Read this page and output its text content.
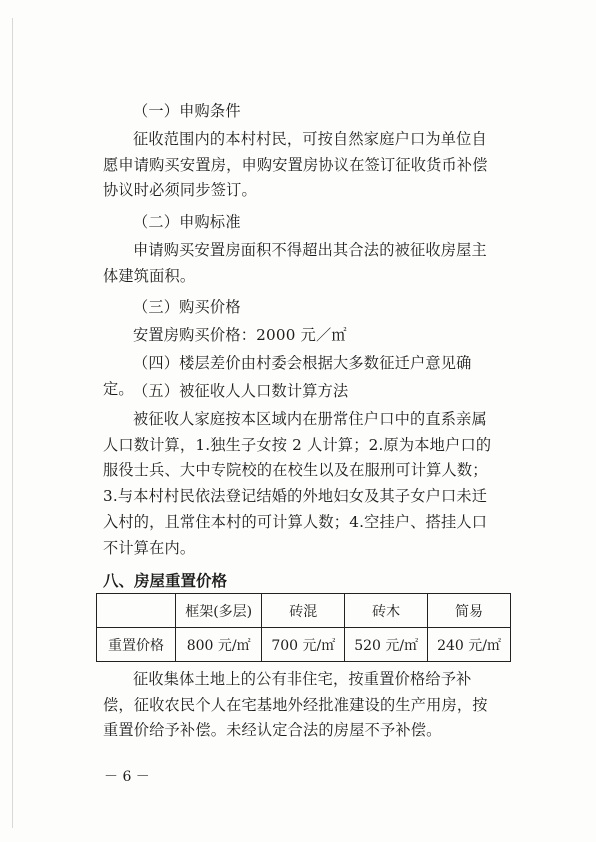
（一）申购条件

征收范围内的本村村民，可按自然家庭户口为单位自愿申请购买安置房，申购安置房协议在签订征收货币补偿协议时必须同步签订。

（二）申购标准

申请购买安置房面积不得超出其合法的被征收房屋主体建筑面积。

（三）购买价格

安置房购买价格：2000 元／㎡

（四）楼层差价由村委会根据大多数征迁户意见确定。 （五）被征收人人口数计算方法

被征收人家庭按本区域内在册常住户口中的直系亲属人口数计算，1.独生子女按 2 人计算；2.原为本地户口的服役士兵、大中专院校的在校生以及在服刑可计算人数；3.与本村村民依法登记结婚的外地妇女及其子女户口未迁入村的，且常住本村的可计算人数；4.空挂户、搭挂人口不计算在内。

八、房屋重置价格
	框架(多层)	砖混	砖木	简易
重置价格	800 元/㎡	700 元/㎡	520 元/㎡	240 元/㎡

征收集体土地上的公有非住宅，按重置价格给予补偿，征收农民个人在宅基地外经批准建设的生产用房，按重置价给予补偿。未经认定合法的房屋不予补偿。

－ 6 －
